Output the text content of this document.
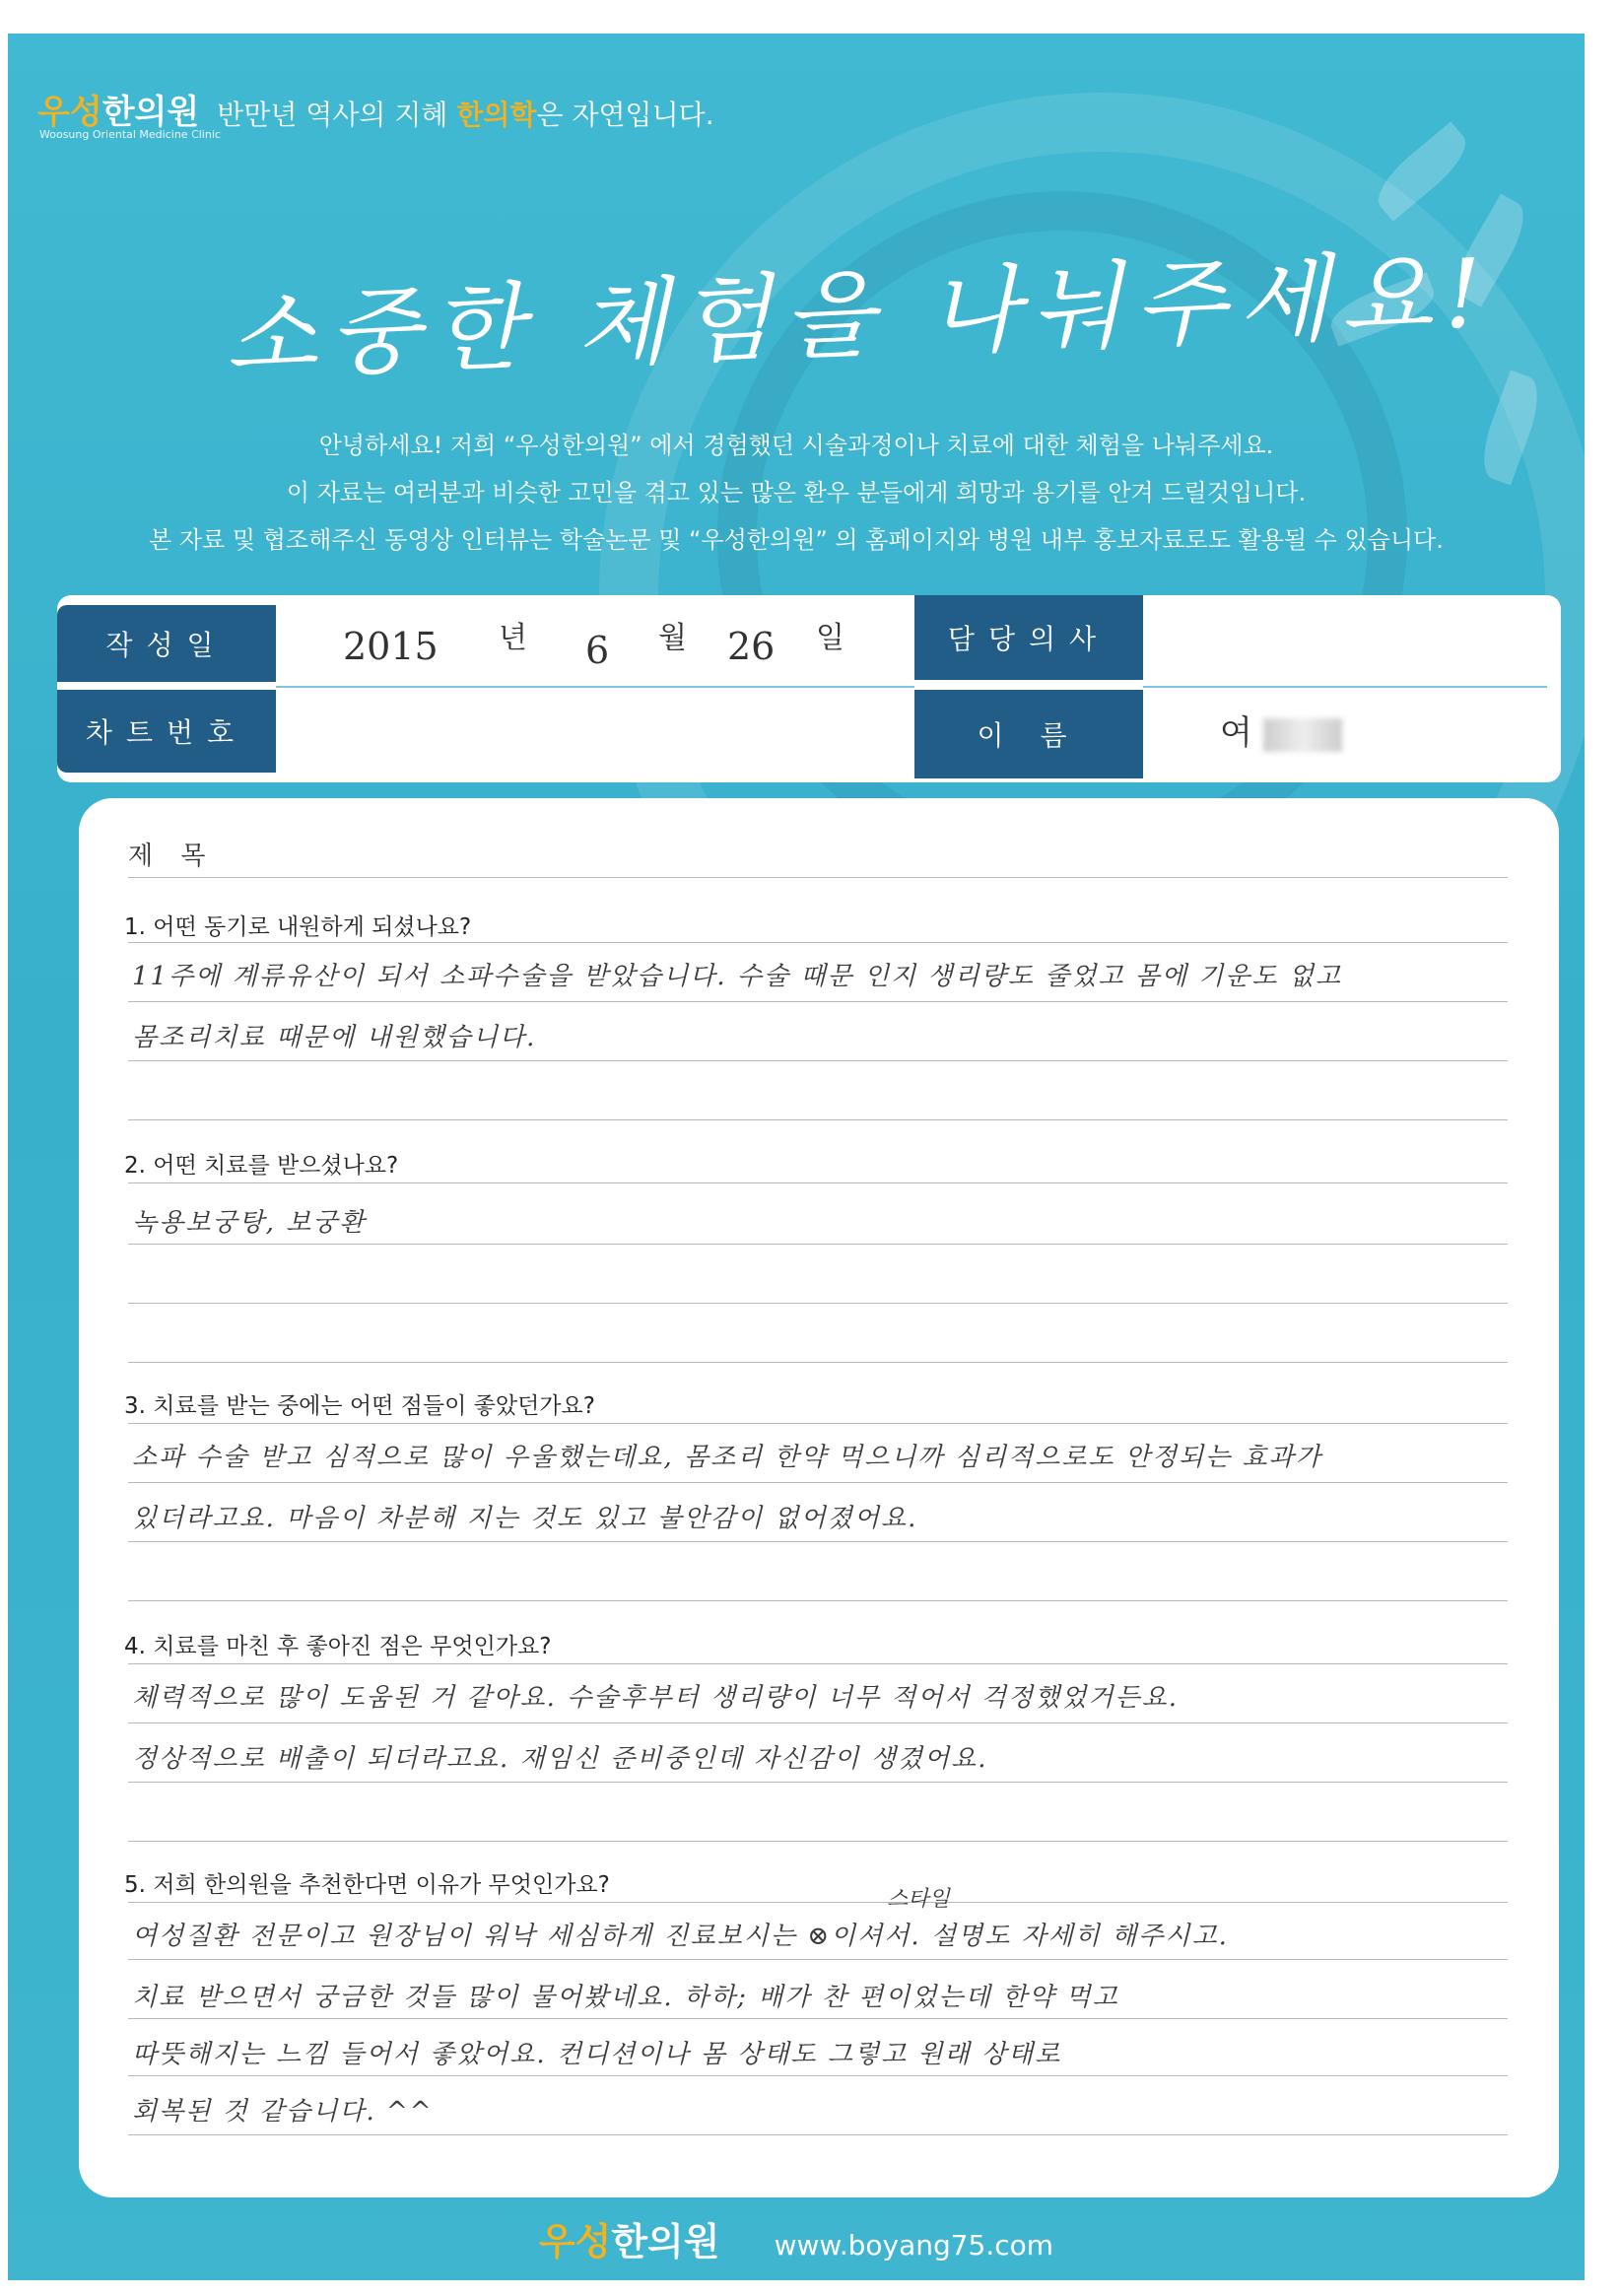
우성한의원 반만년 역사의 지혜 한의학은 자연입니다.
Woosung Oriental Medicine Clinic
소중한 체험을 나눠주세요!
안녕하세요! 저희 “우성한의원” 에서 경험했던 시술과정이나 치료에 대한 체험을 나눠주세요.
이 자료는 여러분과 비슷한 고민을 겪고 있는 많은 환우 분들에게 희망과 용기를 안겨 드릴것입니다.
본 자료 및 협조해주신 동영상 인터뷰는 학술논문 및 “우성한의원” 의 홈페이지와 병원 내부 홍보자료로도 활용될 수 있습니다.
작성일
차트번호
담당의사
이 름
2015 년 6 월 26 일
여
제 목
1. 어떤 동기로 내원하게 되셨나요?
11주에 계류유산이 되서 소파수술을 받았습니다. 수술 때문 인지 생리량도 줄었고 몸에 기운도 없고
몸조리치료 때문에 내원했습니다.
2. 어떤 치료를 받으셨나요?
녹용보궁탕, 보궁환
3. 치료를 받는 중에는 어떤 점들이 좋았던가요?
소파 수술 받고 심적으로 많이 우울했는데요, 몸조리 한약 먹으니까 심리적으로도 안정되는 효과가
있더라고요. 마음이 차분해 지는 것도 있고 불안감이 없어졌어요.
4. 치료를 마친 후 좋아진 점은 무엇인가요?
체력적으로 많이 도움된 거 같아요. 수술후부터 생리량이 너무 적어서 걱정했었거든요.
정상적으로 배출이 되더라고요. 재임신 준비중인데 자신감이 생겼어요.
5. 저희 한의원을 추천한다면 이유가 무엇인가요?
스타일
여성질환 전문이고 원장님이 워낙 세심하게 진료보시는 ⊗이셔서. 설명도 자세히 해주시고.
치료 받으면서 궁금한 것들 많이 물어봤네요. 하하; 배가 찬 편이었는데 한약 먹고
따뜻해지는 느낌 들어서 좋았어요. 컨디션이나 몸 상태도 그렇고 원래 상태로
회복된 것 같습니다. ^^
우성한의원 www.boyang75.com
